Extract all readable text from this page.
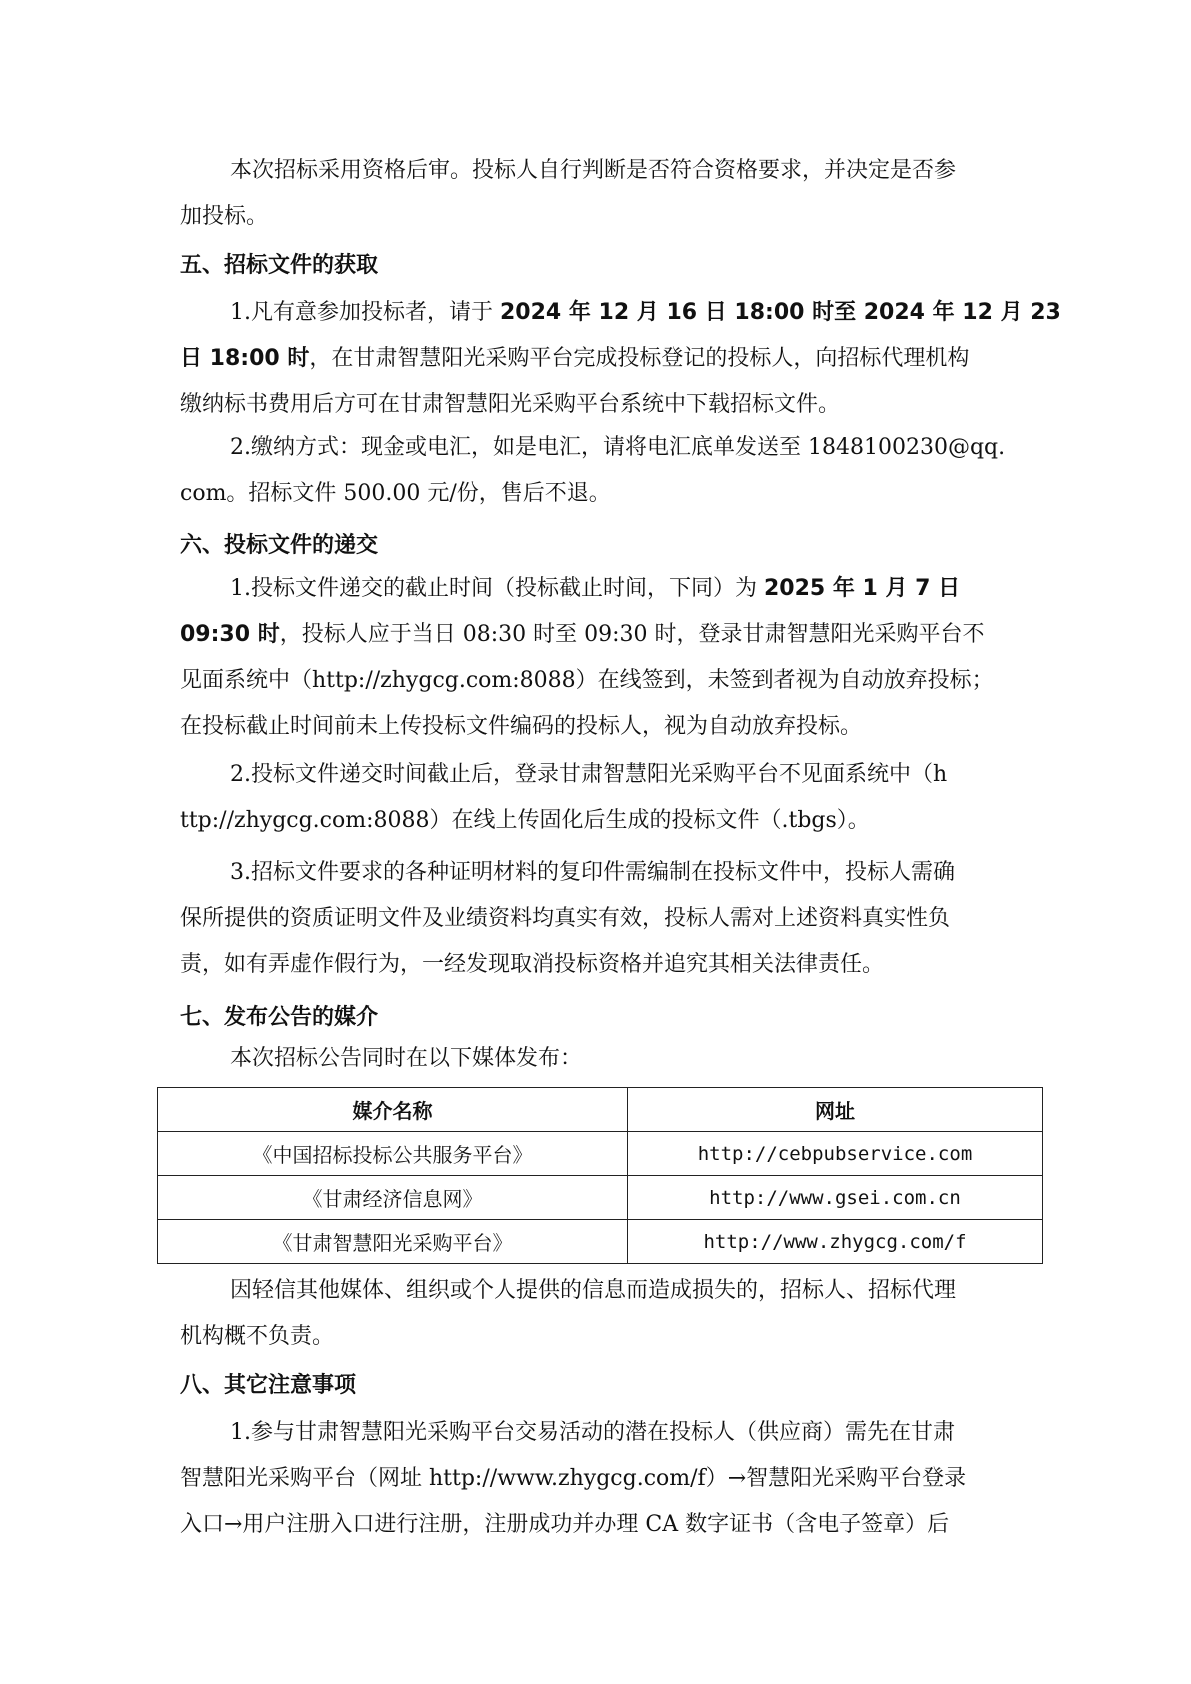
本次招标采用资格后审。投标人自行判断是否符合资格要求，并决定是否参
加投标。

五、招标文件的获取

1.凡有意参加投标者，请于 2024 年 12 月 16 日 18:00 时至 2024 年 12 月 23
日 18:00 时，在甘肃智慧阳光采购平台完成投标登记的投标人，向招标代理机构
缴纳标书费用后方可在甘肃智慧阳光采购平台系统中下载招标文件。

2.缴纳方式：现金或电汇，如是电汇，请将电汇底单发送至 1848100230@qq.
com。招标文件 500.00 元/份，售后不退。

六、投标文件的递交

1.投标文件递交的截止时间（投标截止时间，下同）为 2025 年 1 月 7 日
09:30 时，投标人应于当日 08:30 时至 09:30 时，登录甘肃智慧阳光采购平台不
见面系统中（http://zhygcg.com:8088）在线签到，未签到者视为自动放弃投标；
在投标截止时间前未上传投标文件编码的投标人，视为自动放弃投标。

2.投标文件递交时间截止后，登录甘肃智慧阳光采购平台不见面系统中（h
ttp://zhygcg.com:8088）在线上传固化后生成的投标文件（.tbgs）。

3.招标文件要求的各种证明材料的复印件需编制在投标文件中，投标人需确
保所提供的资质证明文件及业绩资料均真实有效，投标人需对上述资料真实性负
责，如有弄虚作假行为，一经发现取消投标资格并追究其相关法律责任。

七、发布公告的媒介

本次招标公告同时在以下媒体发布：

媒介名称	网址
《中国招标投标公共服务平台》	http://cebpubservice.com
《甘肃经济信息网》	http://www.gsei.com.cn
《甘肃智慧阳光采购平台》	http://www.zhygcg.com/f

因轻信其他媒体、组织或个人提供的信息而造成损失的，招标人、招标代理
机构概不负责。

八、其它注意事项

1.参与甘肃智慧阳光采购平台交易活动的潜在投标人（供应商）需先在甘肃
智慧阳光采购平台（网址 http://www.zhygcg.com/f）→智慧阳光采购平台登录
入口→用户注册入口进行注册，注册成功并办理 CA 数字证书（含电子签章）后
